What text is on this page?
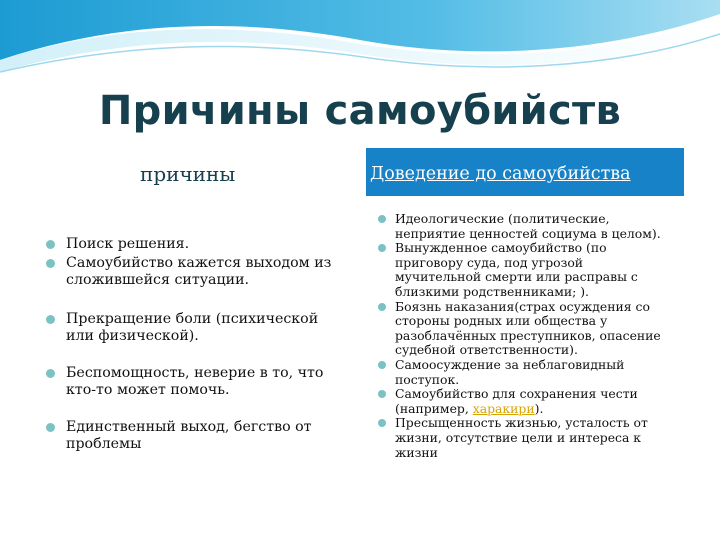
Причины самоубийств
причины	Доведение до самоубийства
Поиск решения.
Самоубийство кажется выходом из сложившейся ситуации.
Прекращение боли (психической или физической).
Беспомощность, неверие в то, что кто-то может помочь.
Единственный выход, бегство от проблемы
Идеологические (политические, неприятие ценностей социума в целом).
Вынужденное самоубийство (по приговору суда, под угрозой мучительной смерти или расправы с близкими родственниками; ).
Боязнь наказания(страх осуждения со стороны родных или общества у разоблачённых преступников, опасение судебной ответственности).
Самоосуждение за неблаговидный поступок.
Самоубийство для сохранения чести (например, харакири).
Пресыщенность жизнью, усталость от жизни, отсутствие цели и интереса к жизни
